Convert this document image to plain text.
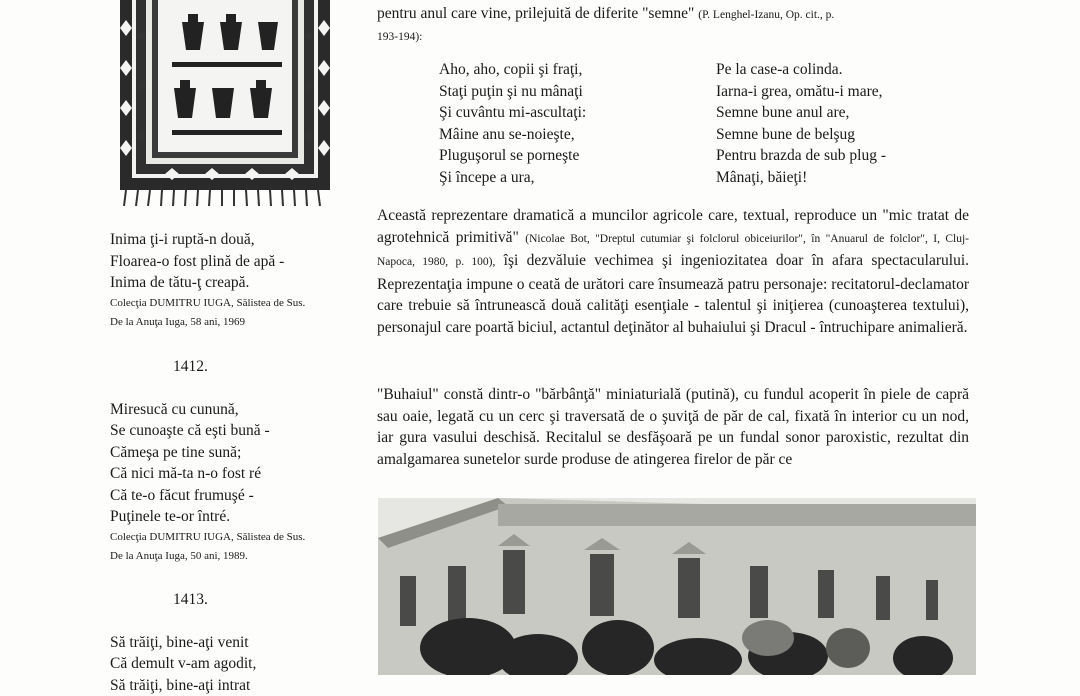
Inima ţi-i ruptă-n două,
Floarea-o fost plină de apă -
Inima de tătu-ţ creapă.
Colecţia DUMITRU IUGA, Sălistea de Sus.
De la Anuţa Iuga, 58 ani, 1969
1412.
Miresucă cu cunună,
Se cunoaşte că eşti bună -
Cămeşa pe tine sună;
Că nici mă-ta n-o fost ré
Că te-o făcut frumuşé -
Puţinele te-or întré.
Colecţia DUMITRU IUGA, Sălistea de Sus.
De la Anuţa Iuga, 50 ani, 1989.
1413.
Să trăiţi, bine-aţi venit
Că demult v-am agodit,
Să trăiţi, bine-aţi intrat
pentru anul care vine, prilejuită de diferite "semne" (P. Lenghel-Izanu, Op. cit., p.
193-194):
Aho, aho, copii şi fraţi,
Staţi puţin şi nu mânaţi
Şi cuvântu mi-ascultaţi:
Mâine anu se-noieşte,
Pluguşorul se porneşte
Şi începe a ura,
Pe la case-a colinda.
Iarna-i grea, omătu-i mare,
Semne bune anul are,
Semne bune de belşug
Pentru brazda de sub plug -
Mânaţi, băieţi!
Această reprezentare dramatică a muncilor agricole care, textual, reproduce un "mic tratat de agrotehnică primitivă" (Nicolae Bot, "Dreptul cutumiar şi folclorul obiceiurilor", în "Anuarul de folclor", I, Cluj-Napoca, 1980, p. 100), îşi dezvăluie vechimea şi ingeniozitatea doar în afara spectacularului. Reprezentaţia impune o ceată de urători care însumează patru personaje: recitatorul-declamator care trebuie să întrunească două calităţi esenţiale - talentul şi iniţierea (cunoaşterea textului), personajul care poartă biciul, actantul deţinător al buhaiului şi Dracul - întruchipare animalieră.
"Buhaiul" constă dintr-o "bărbânţă" miniaturială (putină), cu fundul acoperit în piele de capră sau oaie, legată cu un cerc şi traversată de o şuviţă de păr de cal, fixată în interior cu un nod, iar gura vasului deschisă. Recitalul se desfăşoară pe un fundal sonor paroxistic, rezultat din amalgamarea sunetelor surde produse de atingerea firelor de păr ce
